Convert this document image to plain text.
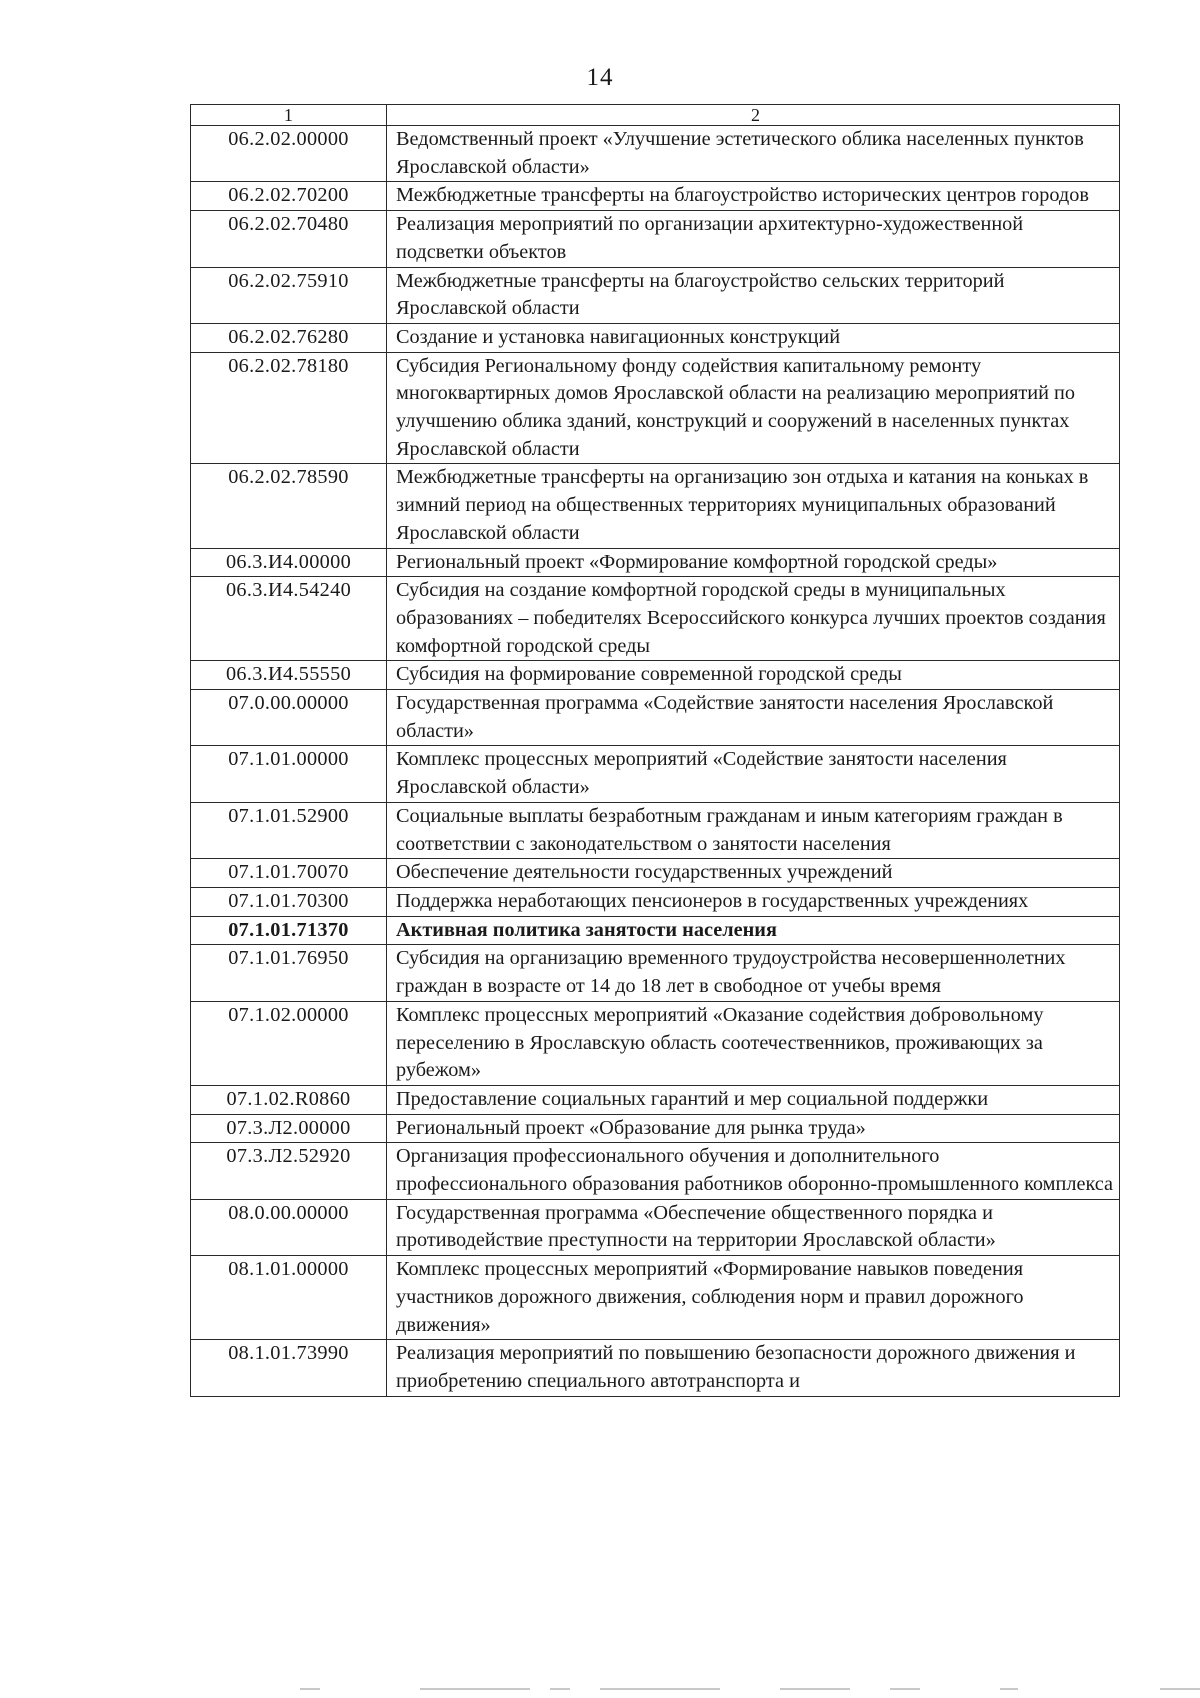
14
1	2
06.2.02.00000	Ведомственный проект «Улучшение эстетического облика населенных пунктов Ярославской области»
06.2.02.70200	Межбюджетные трансферты на благоустройство исторических центров городов
06.2.02.70480	Реализация мероприятий по организации архитектурно-художественной подсветки объектов
06.2.02.75910	Межбюджетные трансферты на благоустройство сельских территорий Ярославской области
06.2.02.76280	Создание и установка навигационных конструкций
06.2.02.78180	Субсидия Региональному фонду содействия капитальному ремонту многоквартирных домов Ярославской области на реализацию мероприятий по улучшению облика зданий, конструкций и сооружений в населенных пунктах Ярославской области
06.2.02.78590	Межбюджетные трансферты на организацию зон отдыха и катания на коньках в зимний период на общественных территориях муниципальных образований Ярославской области
06.3.И4.00000	Региональный проект «Формирование комфортной городской среды»
06.3.И4.54240	Субсидия на создание комфортной городской среды в муниципальных образованиях – победителях Всероссийского конкурса лучших проектов создания комфортной городской среды
06.3.И4.55550	Субсидия на формирование современной городской среды
07.0.00.00000	Государственная программа «Содействие занятости населения Ярославской области»
07.1.01.00000	Комплекс процессных мероприятий «Содействие занятости населения Ярославской области»
07.1.01.52900	Социальные выплаты безработным гражданам и иным категориям граждан в соответствии с законодательством о занятости населения
07.1.01.70070	Обеспечение деятельности государственных учреждений
07.1.01.70300	Поддержка неработающих пенсионеров в государственных учреждениях
07.1.01.71370	Активная политика занятости населения
07.1.01.76950	Субсидия на организацию временного трудоустройства несовершеннолетних граждан в возрасте от 14 до 18 лет в свободное от учебы время
07.1.02.00000	Комплекс процессных мероприятий «Оказание содействия добровольному переселению в Ярославскую область соотечественников, проживающих за рубежом»
07.1.02.R0860	Предоставление социальных гарантий и мер социальной поддержки
07.3.Л2.00000	Региональный проект «Образование для рынка труда»
07.3.Л2.52920	Организация профессионального обучения и дополнительного профессионального образования работников оборонно-промышленного комплекса
08.0.00.00000	Государственная программа «Обеспечение общественного порядка и противодействие преступности на территории Ярославской области»
08.1.01.00000	Комплекс процессных мероприятий «Формирование навыков поведения участников дорожного движения, соблюдения норм и правил дорожного движения»
08.1.01.73990	Реализация мероприятий по повышению безопасности дорожного движения и приобретению специального автотранспорта и
